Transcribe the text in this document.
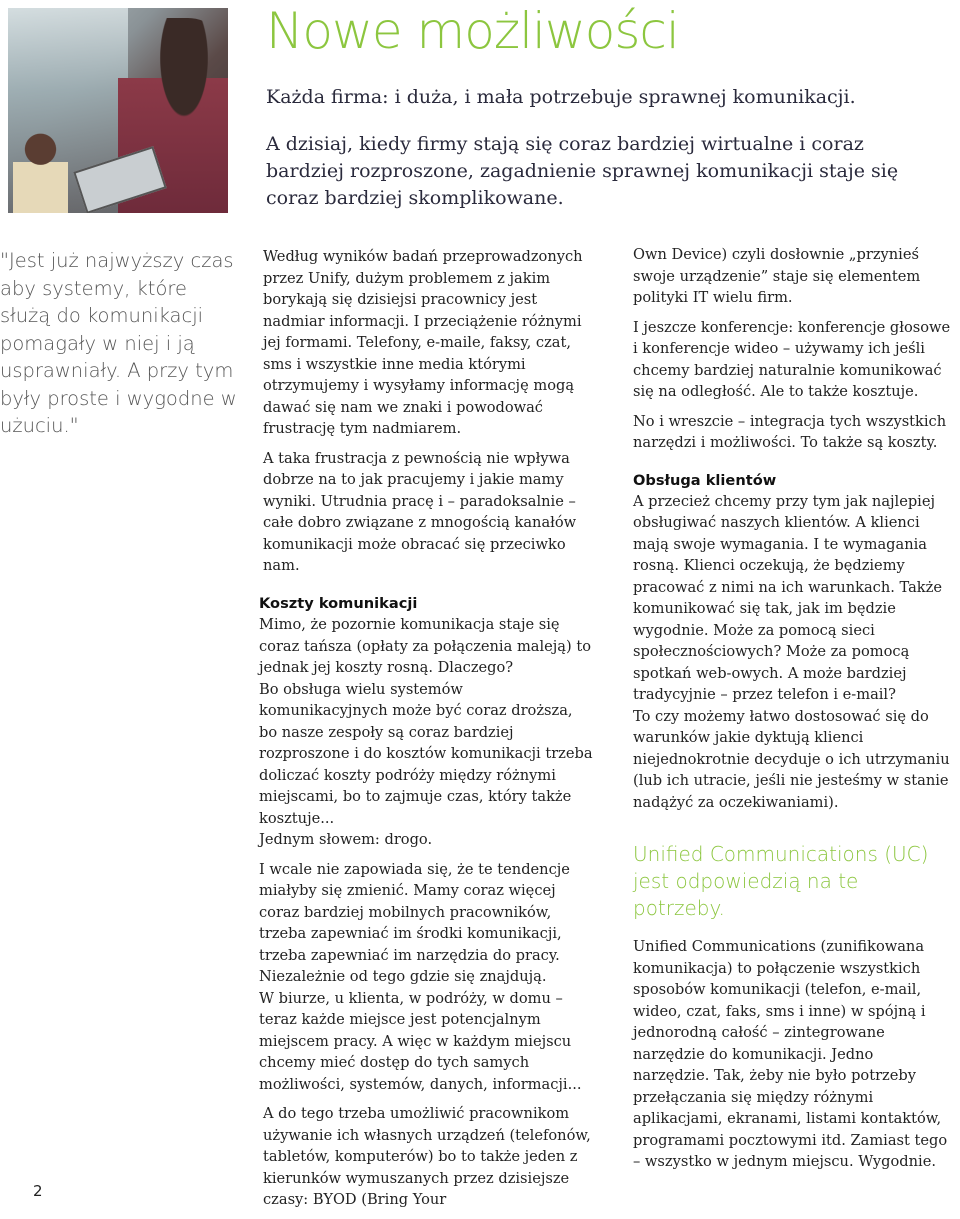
Nowe możliwości

Każda firma: i duża, i mała potrzebuje sprawnej komunikacji.

A dzisiaj, kiedy firmy stają się coraz bardziej wirtualne i coraz bardziej rozproszone, zagadnienie sprawnej komunikacji staje się coraz bardziej skomplikowane.

"Jest już najwyższy czas aby systemy, które służą do komunikacji pomagały w niej i ją usprawniały. A przy tym były proste i wygodne w użuciu."

Według wyników badań przeprowadzonych przez Unify, dużym problemem z jakim borykają się dzisiejsi pracownicy jest nadmiar informacji. I przeciążenie różnymi jej formami. Telefony, e-maile, faksy, czat, sms i wszystkie inne media którymi otrzymujemy i wysyłamy informację mogą dawać się nam we znaki i powodować frustrację tym nadmiarem.

A taka frustracja z pewnością nie wpływa dobrze na to jak pracujemy i jakie mamy wyniki. Utrudnia pracę i – paradoksalnie – całe dobro związane z mnogością kanałów komunikacji może obracać się przeciwko nam.

Koszty komunikacji

Mimo, że pozornie komunikacja staje się coraz tańsza (opłaty za połączenia maleją) to jednak jej koszty rosną. Dlaczego?

Bo obsługa wielu systemów komunikacyjnych może być coraz droższa, bo nasze zespoły są coraz bardziej rozproszone i do kosztów komunikacji trzeba doliczać koszty podróży między różnymi miejscami, bo to zajmuje czas, który także kosztuje...

Jednym słowem: drogo.

I wcale nie zapowiada się, że te tendencje miałyby się zmienić. Mamy coraz więcej coraz bardziej mobilnych pracowników, trzeba zapewniać im środki komunikacji, trzeba zapewniać im narzędzia do pracy. Niezależnie od tego gdzie się znajdują.

W biurze, u klienta, w podróży, w domu – teraz każde miejsce jest potencjalnym miejscem pracy. A więc w każdym miejscu chcemy mieć dostęp do tych samych możliwości, systemów, danych, informacji...

A do tego trzeba umożliwić pracownikom używanie ich własnych urządzeń (telefonów, tabletów, komputerów) bo to także jeden z kierunków wymuszanych przez dzisiejsze czasy: BYOD (Bring Your

Own Device) czyli dosłownie „przynieś swoje urządzenie” staje się elementem polityki IT wielu firm.

I jeszcze konferencje: konferencje głosowe i konferencje wideo – używamy ich jeśli chcemy bardziej naturalnie komunikować się na odległość. Ale to także kosztuje.

No i wreszcie – integracja tych wszystkich narzędzi i możliwości. To także są koszty.

Obsługa klientów

A przecież chcemy przy tym jak najlepiej obsługiwać naszych klientów. A klienci mają swoje wymagania. I te wymagania rosną. Klienci oczekują, że będziemy pracować z nimi na ich warunkach. Także komunikować się tak, jak im będzie wygodnie. Może za pomocą sieci społecznościowych? Może za pomocą spotkań web-owych. A może bardziej tradycyjnie – przez telefon i e-mail?

To czy możemy łatwo dostosować się do warunków jakie dyktują klienci niejednokrotnie decyduje o ich utrzymaniu (lub ich utracie, jeśli nie jesteśmy w stanie nadążyć za oczekiwaniami).

Unified Communications (UC) jest odpowiedzią na te potrzeby.

Unified Communications (zunifikowana komunikacja) to połączenie wszystkich sposobów komunikacji (telefon, e-mail, wideo, czat, faks, sms i inne) w spójną i jednorodną całość – zintegrowane narzędzie do komunikacji. Jedno narzędzie. Tak, żeby nie było potrzeby przełączania się między różnymi aplikacjami, ekranami, listami kontaktów, programami pocztowymi itd. Zamiast tego – wszystko w jednym miejscu. Wygodnie.

2
